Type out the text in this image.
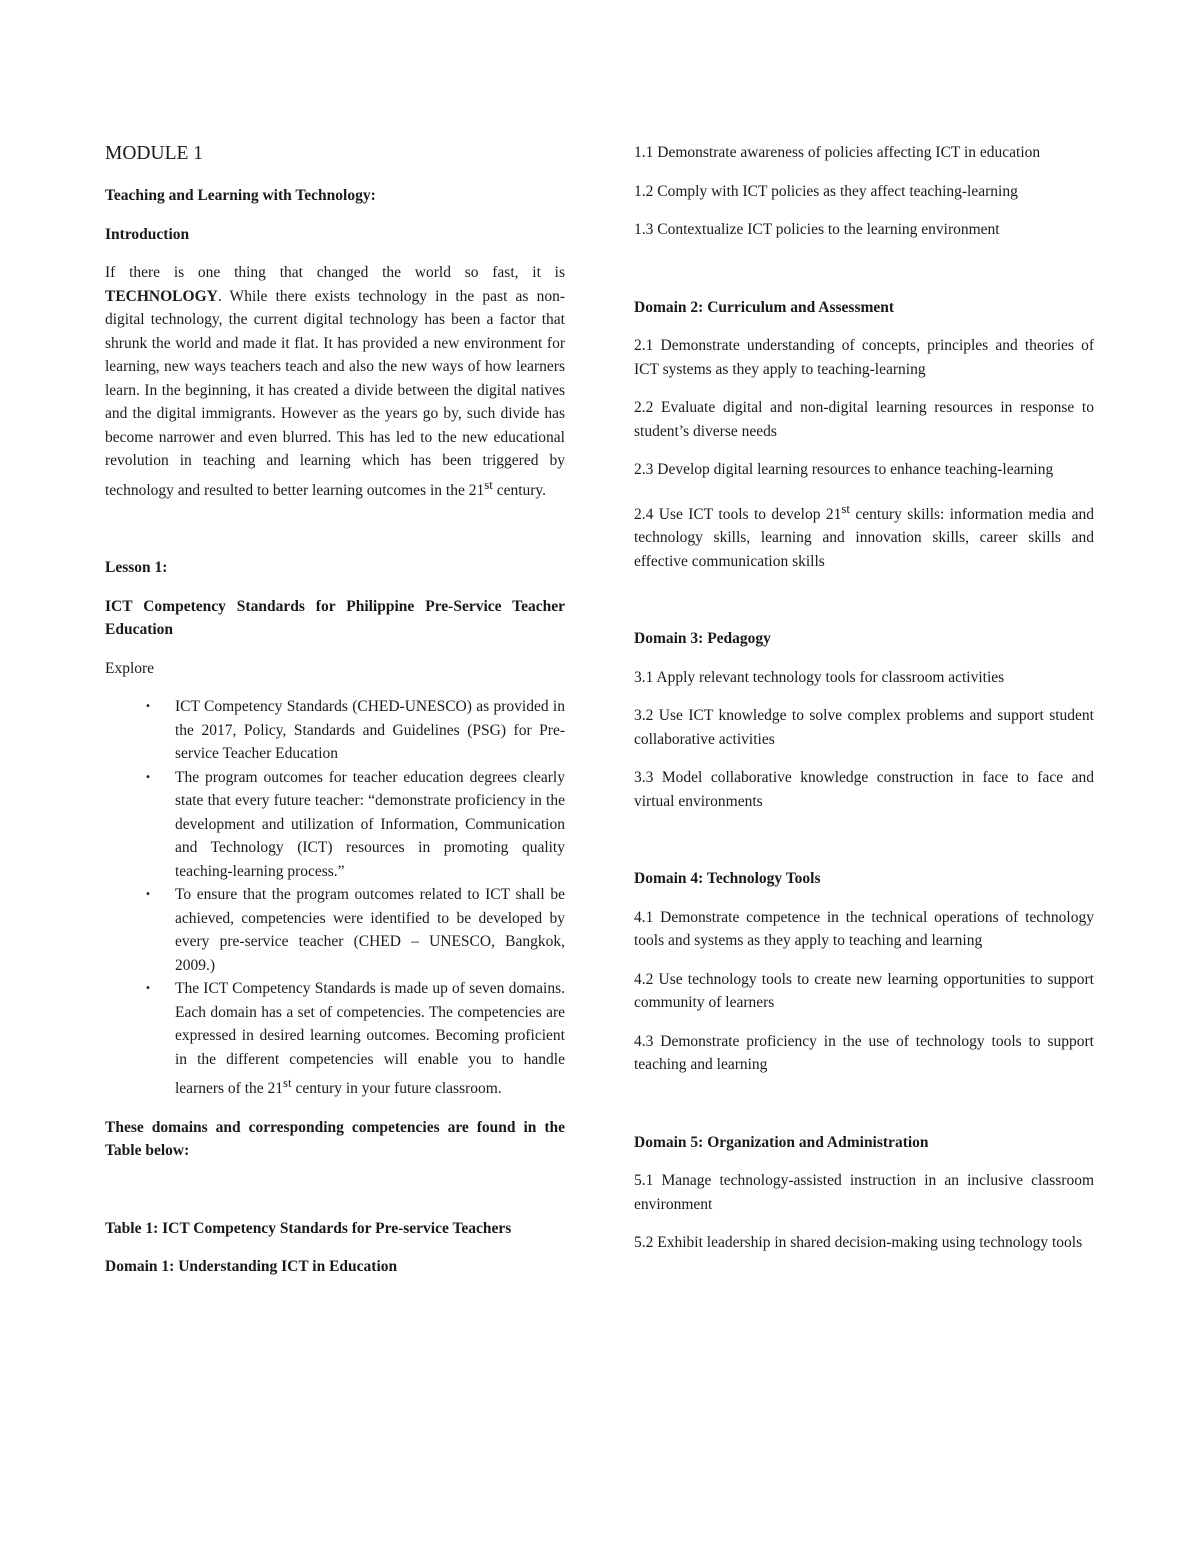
MODULE 1

Teaching and Learning with Technology:

Introduction

If there is one thing that changed the world so fast, it is TECHNOLOGY. While there exists technology in the past as non-digital technology, the current digital technology has been a factor that shrunk the world and made it flat. It has provided a new environment for learning, new ways teachers teach and also the new ways of how learners learn. In the beginning, it has created a divide between the digital natives and the digital immigrants. However as the years go by, such divide has become narrower and even blurred. This has led to the new educational revolution in teaching and learning which has been triggered by technology and resulted to better learning outcomes in the 21st century.

Lesson 1:

ICT Competency Standards for Philippine Pre-Service Teacher Education

Explore

• ICT Competency Standards (CHED-UNESCO) as provided in the 2017, Policy, Standards and Guidelines (PSG) for Pre-service Teacher Education
• The program outcomes for teacher education degrees clearly state that every future teacher: “demonstrate proficiency in the development and utilization of Information, Communication and Technology (ICT) resources in promoting quality teaching-learning process.”
• To ensure that the program outcomes related to ICT shall be achieved, competencies were identified to be developed by every pre-service teacher (CHED – UNESCO, Bangkok, 2009.)
• The ICT Competency Standards is made up of seven domains. Each domain has a set of competencies. The competencies are expressed in desired learning outcomes. Becoming proficient in the different competencies will enable you to handle learners of the 21st century in your future classroom.

These domains and corresponding competencies are found in the Table below:

Table 1: ICT Competency Standards for Pre-service Teachers

Domain 1: Understanding ICT in Education

1.1 Demonstrate awareness of policies affecting ICT in education

1.2 Comply with ICT policies as they affect teaching-learning

1.3 Contextualize ICT policies to the learning environment

Domain 2: Curriculum and Assessment

2.1 Demonstrate understanding of concepts, principles and theories of ICT systems as they apply to teaching-learning

2.2 Evaluate digital and non-digital learning resources in response to student’s diverse needs

2.3 Develop digital learning resources to enhance teaching-learning

2.4 Use ICT tools to develop 21st century skills: information media and technology skills, learning and innovation skills, career skills and effective communication skills

Domain 3: Pedagogy

3.1 Apply relevant technology tools for classroom activities

3.2 Use ICT knowledge to solve complex problems and support student collaborative activities

3.3 Model collaborative knowledge construction in face to face and virtual environments

Domain 4: Technology Tools

4.1 Demonstrate competence in the technical operations of technology tools and systems as they apply to teaching and learning

4.2 Use technology tools to create new learning opportunities to support community of learners

4.3 Demonstrate proficiency in the use of technology tools to support teaching and learning

Domain 5: Organization and Administration

5.1 Manage technology-assisted instruction in an inclusive classroom environment

5.2 Exhibit leadership in shared decision-making using technology tools
